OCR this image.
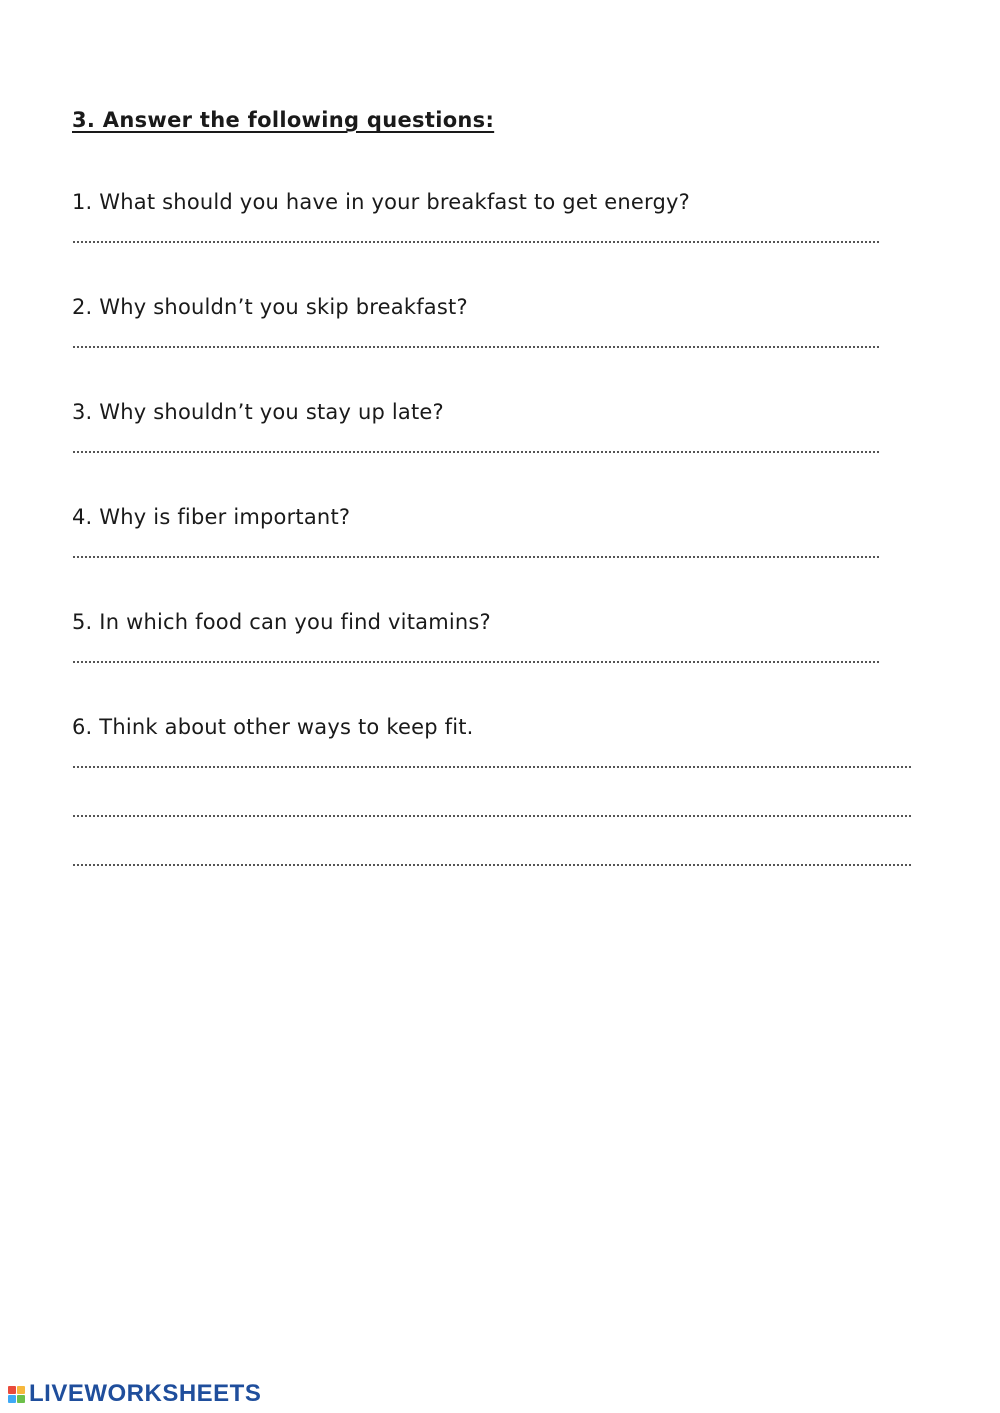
3. Answer the following questions:
1. What should you have in your breakfast to get energy?
2. Why shouldn’t you skip breakfast?
3. Why shouldn’t you stay up late?
4. Why is fiber important?
5. In which food can you find vitamins?
6. Think about other ways to keep fit.
LIVEWORKSHEETS
